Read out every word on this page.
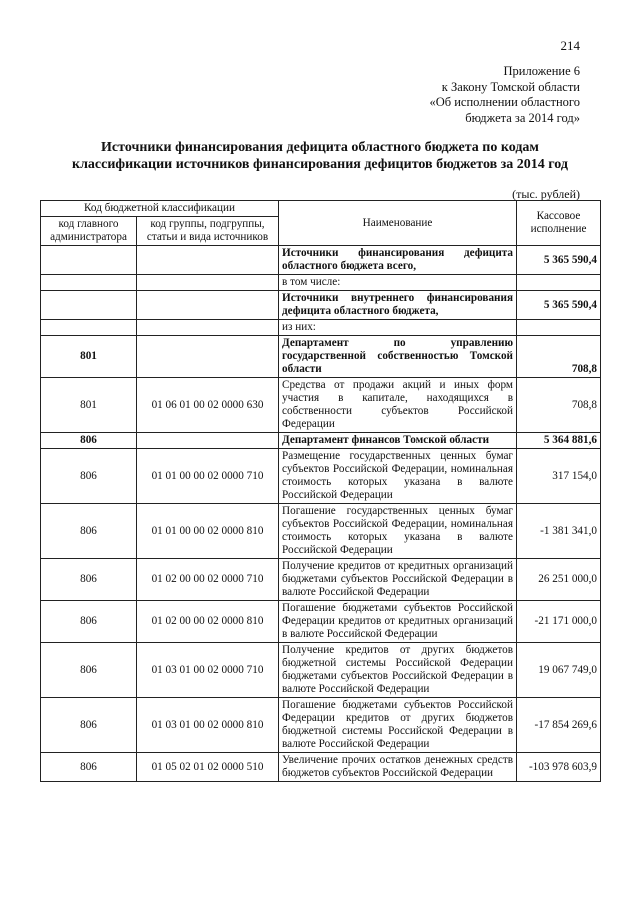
214
Приложение 6
к Закону Томской области
«Об исполнении областного
бюджета за 2014 год»
Источники финансирования дефицита областного бюджета по кодам
классификации источников финансирования дефицитов бюджетов за 2014 год
(тыс. рублей)
Код бюджетной классификации		Наименование	Кассовое исполнение
код главного администратора	код группы, подгруппы, статьи и вида источников		
		Источники финансирования дефицита областного бюджета всего,	5 365 590,4
		в том числе:	
		Источники внутреннего финансирования дефицита областного бюджета,	5 365 590,4
		из них:	
801		Департамент по управлению государственной собственностью Томской области	708,8
801	01 06 01 00 02 0000 630	Средства от продажи акций и иных форм участия в капитале, находящихся в собственности субъектов Российской Федерации	708,8
806		Департамент финансов Томской области	5 364 881,6
806	01 01 00 00 02 0000 710	Размещение государственных ценных бумаг субъектов Российской Федерации, номинальная стоимость которых указана в валюте Российской Федерации	317 154,0
806	01 01 00 00 02 0000 810	Погашение государственных ценных бумаг субъектов Российской Федерации, номинальная стоимость которых указана в валюте Российской Федерации	-1 381 341,0
806	01 02 00 00 02 0000 710	Получение кредитов от кредитных организаций бюджетами субъектов Российской Федерации в валюте Российской Федерации	26 251 000,0
806	01 02 00 00 02 0000 810	Погашение бюджетами субъектов Российской Федерации кредитов от кредитных организаций в валюте Российской Федерации	-21 171 000,0
806	01 03 01 00 02 0000 710	Получение кредитов от других бюджетов бюджетной системы Российской Федерации бюджетами субъектов Российской Федерации в валюте Российской Федерации	19 067 749,0
806	01 03 01 00 02 0000 810	Погашение бюджетами субъектов Российской Федерации кредитов от других бюджетов бюджетной системы Российской Федерации в валюте Российской Федерации	-17 854 269,6
806	01 05 02 01 02 0000 510	Увеличение прочих остатков денежных средств бюджетов субъектов Российской Федерации	-103 978 603,9
